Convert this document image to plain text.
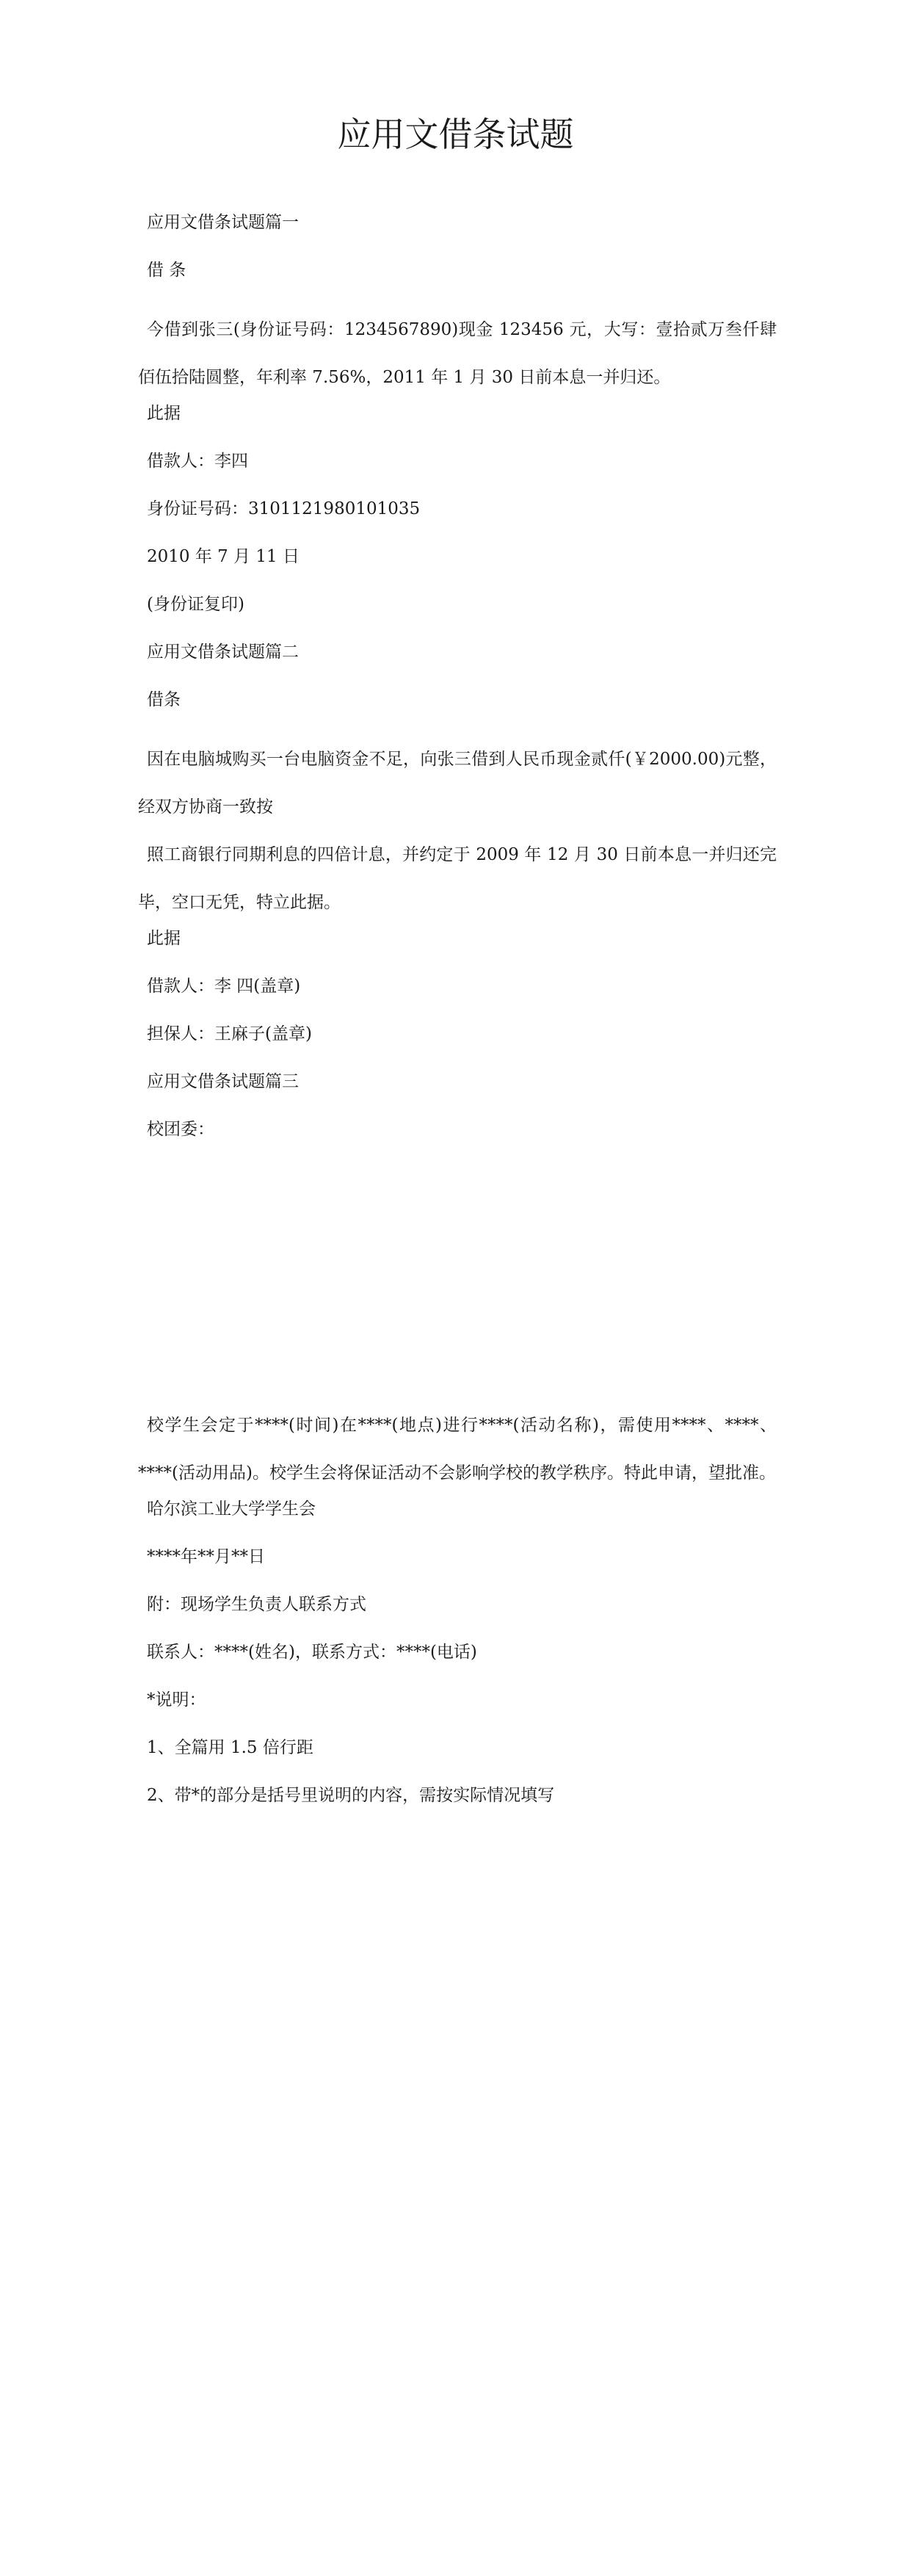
应用文借条试题
应用文借条试题篇一
借 条

今借到张三(身份证号码：1234567890)现金 123456 元，大写：壹拾贰万叁仟肆佰伍拾陆圆整，年利率 7.56%，2011 年 1 月 30 日前本息一并归还。

此据
借款人：李四
身份证号码：3101121980101035
2010 年 7 月 11 日
(身份证复印)
应用文借条试题篇二
借条

因在电脑城购买一台电脑资金不足，向张三借到人民币现金贰仟(￥2000.00)元整，经双方协商一致按

照工商银行同期利息的四倍计息，并约定于 2009 年 12 月 30 日前本息一并归还完毕，空口无凭，特立此据。

此据
借款人：李 四(盖章)
担保人：王麻子(盖章)
应用文借条试题篇三
校团委：

校学生会定于****(时间)在****(地点)进行****(活动名称)，需使用****、****、****(活动用品)。校学生会将保证活动不会影响学校的教学秩序。特此申请，望批准。

哈尔滨工业大学学生会
****年**月**日
附：现场学生负责人联系方式
联系人：****(姓名)，联系方式：****(电话)
*说明：
1、全篇用 1.5 倍行距
2、带*的部分是括号里说明的内容，需按实际情况填写
